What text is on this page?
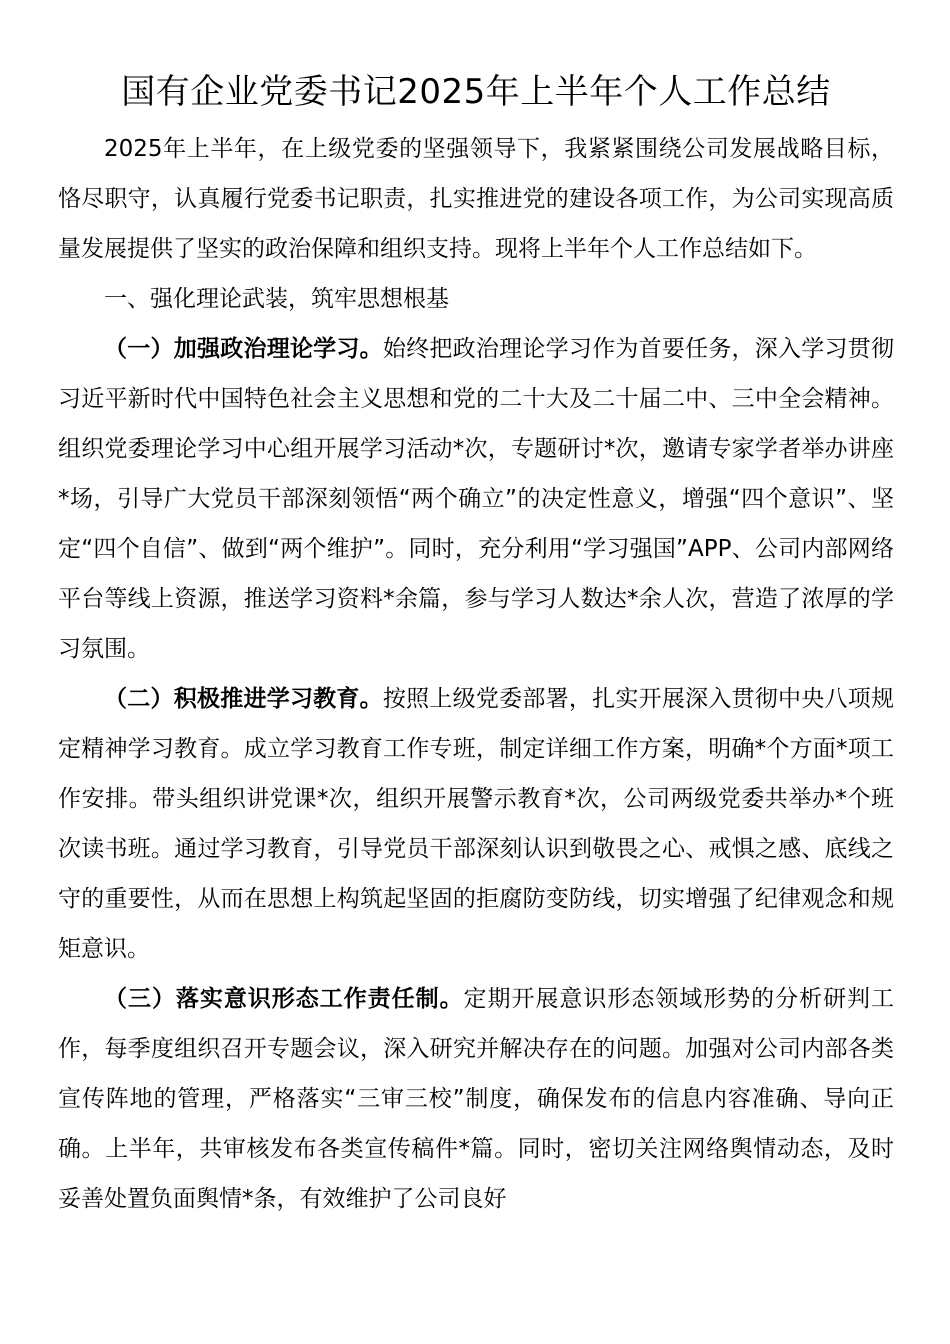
国有企业党委书记2025年上半年个人工作总结

2025年上半年，在上级党委的坚强领导下，我紧紧围绕公司发展战略目标，恪尽职守，认真履行党委书记职责，扎实推进党的建设各项工作，为公司实现高质量发展提供了坚实的政治保障和组织支持。现将上半年个人工作总结如下。

一、强化理论武装，筑牢思想根基

（一）加强政治理论学习。始终把政治理论学习作为首要任务，深入学习贯彻习近平新时代中国特色社会主义思想和党的二十大及二十届二中、三中全会精神。组织党委理论学习中心组开展学习活动*次，专题研讨*次，邀请专家学者举办讲座*场，引导广大党员干部深刻领悟“两个确立”的决定性意义，增强“四个意识”、坚定“四个自信”、做到“两个维护”。同时，充分利用“学习强国”APP、公司内部网络平台等线上资源，推送学习资料*余篇，参与学习人数达*余人次，营造了浓厚的学习氛围。

（二）积极推进学习教育。按照上级党委部署，扎实开展深入贯彻中央八项规定精神学习教育。成立学习教育工作专班，制定详细工作方案，明确*个方面*项工作安排。带头组织讲党课*次，组织开展警示教育*次，公司两级党委共举办*个班次读书班。通过学习教育，引导党员干部深刻认识到敬畏之心、戒惧之感、底线之守的重要性，从而在思想上构筑起坚固的拒腐防变防线，切实增强了纪律观念和规矩意识。

（三）落实意识形态工作责任制。定期开展意识形态领域形势的分析研判工作，每季度组织召开专题会议，深入研究并解决存在的问题。加强对公司内部各类宣传阵地的管理，严格落实“三审三校”制度，确保发布的信息内容准确、导向正确。上半年，共审核发布各类宣传稿件*篇。同时，密切关注网络舆情动态，及时妥善处置负面舆情*条，有效维护了公司良好
